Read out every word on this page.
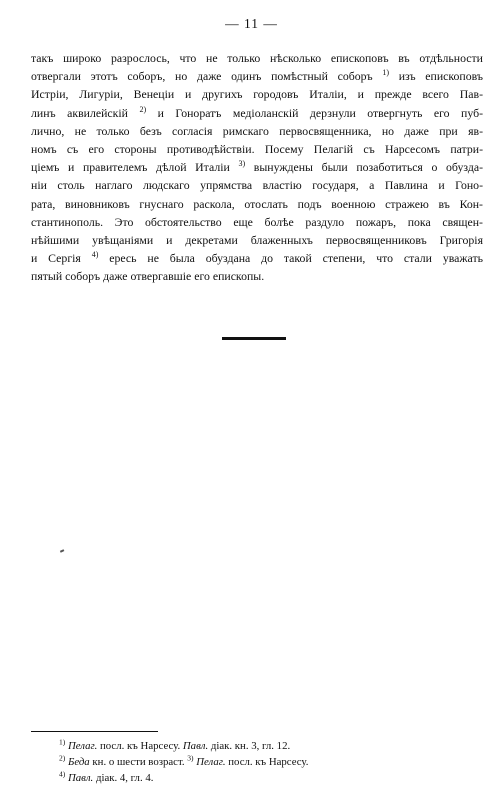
— 11 —
такъ широко разрослось, что не только нѣсколько епископовъ въ отдѣльности
отвергали этотъ соборъ, но даже одинъ помѣстный соборъ $^{1)}$ изъ епископовъ
Истріи, Лигуріи, Венеціи и другихъ городовъ Италіи, и прежде всего Пав-
линъ аквилейскій $^{2)}$ и Гоноратъ медіоланскій дерзнули отвергнуть его пуб-
лично, не только безъ согласія римскаго первосвященника, но даже при яв-
номъ съ его стороны противодѣйствіи. Посему Пелагій съ Нарсесомъ патри-
ціемъ и правителемъ дѣлой Италіи $^{3)}$ вынуждены были позаботиться о обузда-
ніи столь наглаго людскаго упрямства властію государя, а Павлина и Гоно-
рата, виновниковъ гнуснаго раскола, отослать подъ военною стражею въ Кон-
стантинополь. Это обстоятельство еще болѣе раздуло пожаръ, пока священ-
нѣйшими увѣщаніями и декретами блаженныхъ первосвященниковъ Григорія
и Сергія $^{4)}$ ересь не была обуздана до такой степени, что стали уважать
пятый соборъ даже отвергавшіе его епископы.
$^{1)}$ Пелаг. посл. къ Нарсесу. Павл. діак. кн. 3, гл. 12.
$^{2)}$ Беда кн. о шести возраст. $^{3)}$ Пелаг. посл. къ Нарсесу.
$^{4)}$ Павл. діак. 4, гл. 4.
